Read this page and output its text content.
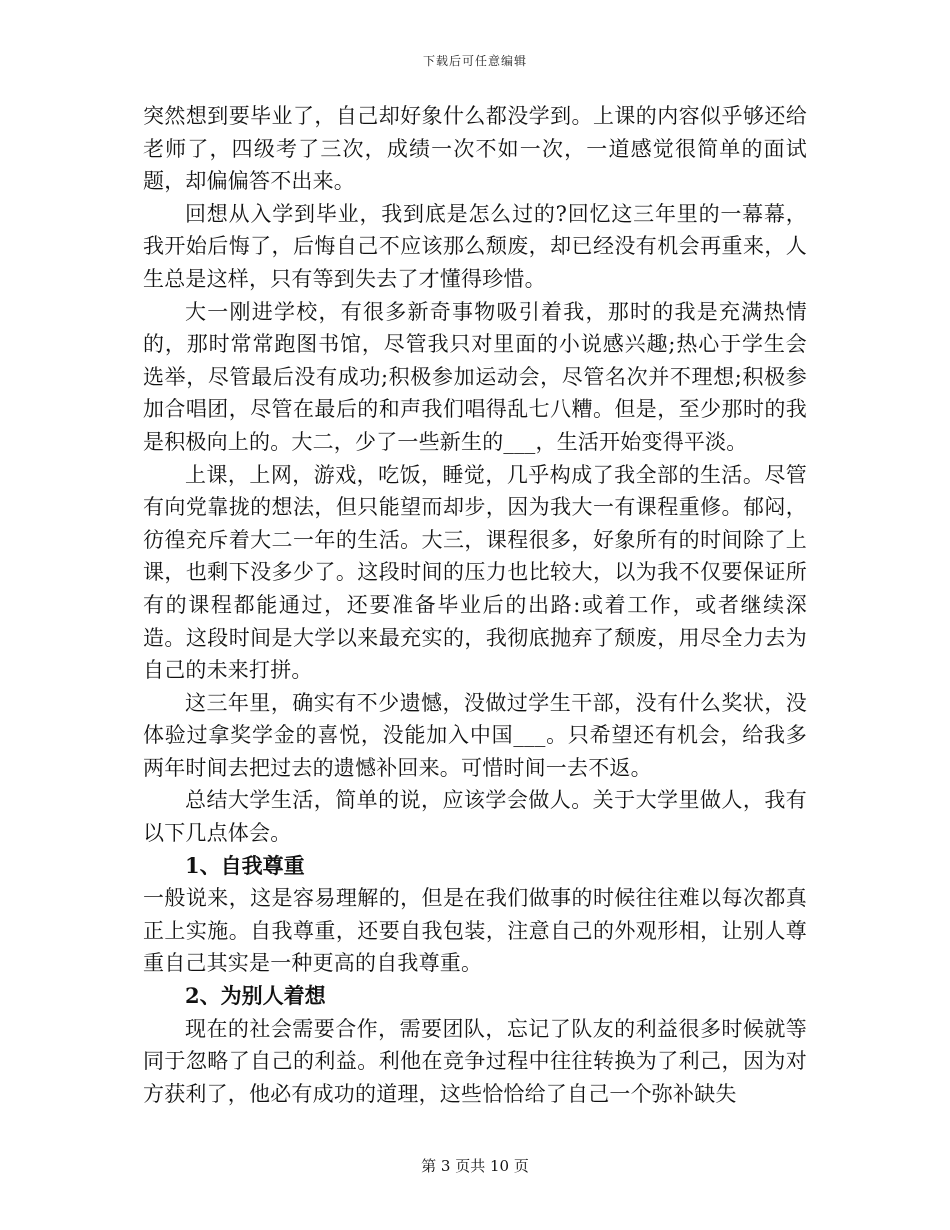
下载后可任意编辑

突然想到要毕业了，自己却好象什么都没学到。上课的内容似乎够还给老师了，四级考了三次，成绩一次不如一次，一道感觉很简单的面试题，却偏偏答不出来。

回想从入学到毕业，我到底是怎么过的?回忆这三年里的一幕幕，我开始后悔了，后悔自己不应该那么颓废，却已经没有机会再重来，人生总是这样，只有等到失去了才懂得珍惜。

大一刚进学校，有很多新奇事物吸引着我，那时的我是充满热情的，那时常常跑图书馆，尽管我只对里面的小说感兴趣;热心于学生会选举，尽管最后没有成功;积极参加运动会，尽管名次并不理想;积极参加合唱团，尽管在最后的和声我们唱得乱七八糟。但是，至少那时的我是积极向上的。大二，少了一些新生的___，生活开始变得平淡。

上课，上网，游戏，吃饭，睡觉，几乎构成了我全部的生活。尽管有向党靠拢的想法，但只能望而却步，因为我大一有课程重修。郁闷，彷徨充斥着大二一年的生活。大三，课程很多，好象所有的时间除了上课，也剩下没多少了。这段时间的压力也比较大，以为我不仅要保证所有的课程都能通过，还要准备毕业后的出路:或着工作，或者继续深造。这段时间是大学以来最充实的，我彻底抛弃了颓废，用尽全力去为自己的未来打拼。

这三年里，确实有不少遗憾，没做过学生干部，没有什么奖状，没体验过拿奖学金的喜悦，没能加入中国___。只希望还有机会，给我多两年时间去把过去的遗憾补回来。可惜时间一去不返。

总结大学生活，简单的说，应该学会做人。关于大学里做人，我有以下几点体会。

1、自我尊重

一般说来，这是容易理解的，但是在我们做事的时候往往难以每次都真正上实施。自我尊重，还要自我包装，注意自己的外观形相，让别人尊重自己其实是一种更高的自我尊重。

2、为别人着想

现在的社会需要合作，需要团队，忘记了队友的利益很多时候就等同于忽略了自己的利益。利他在竞争过程中往往转换为了利己，因为对方获利了，他必有成功的道理，这些恰恰给了自己一个弥补缺失

第 3 页共 10 页
